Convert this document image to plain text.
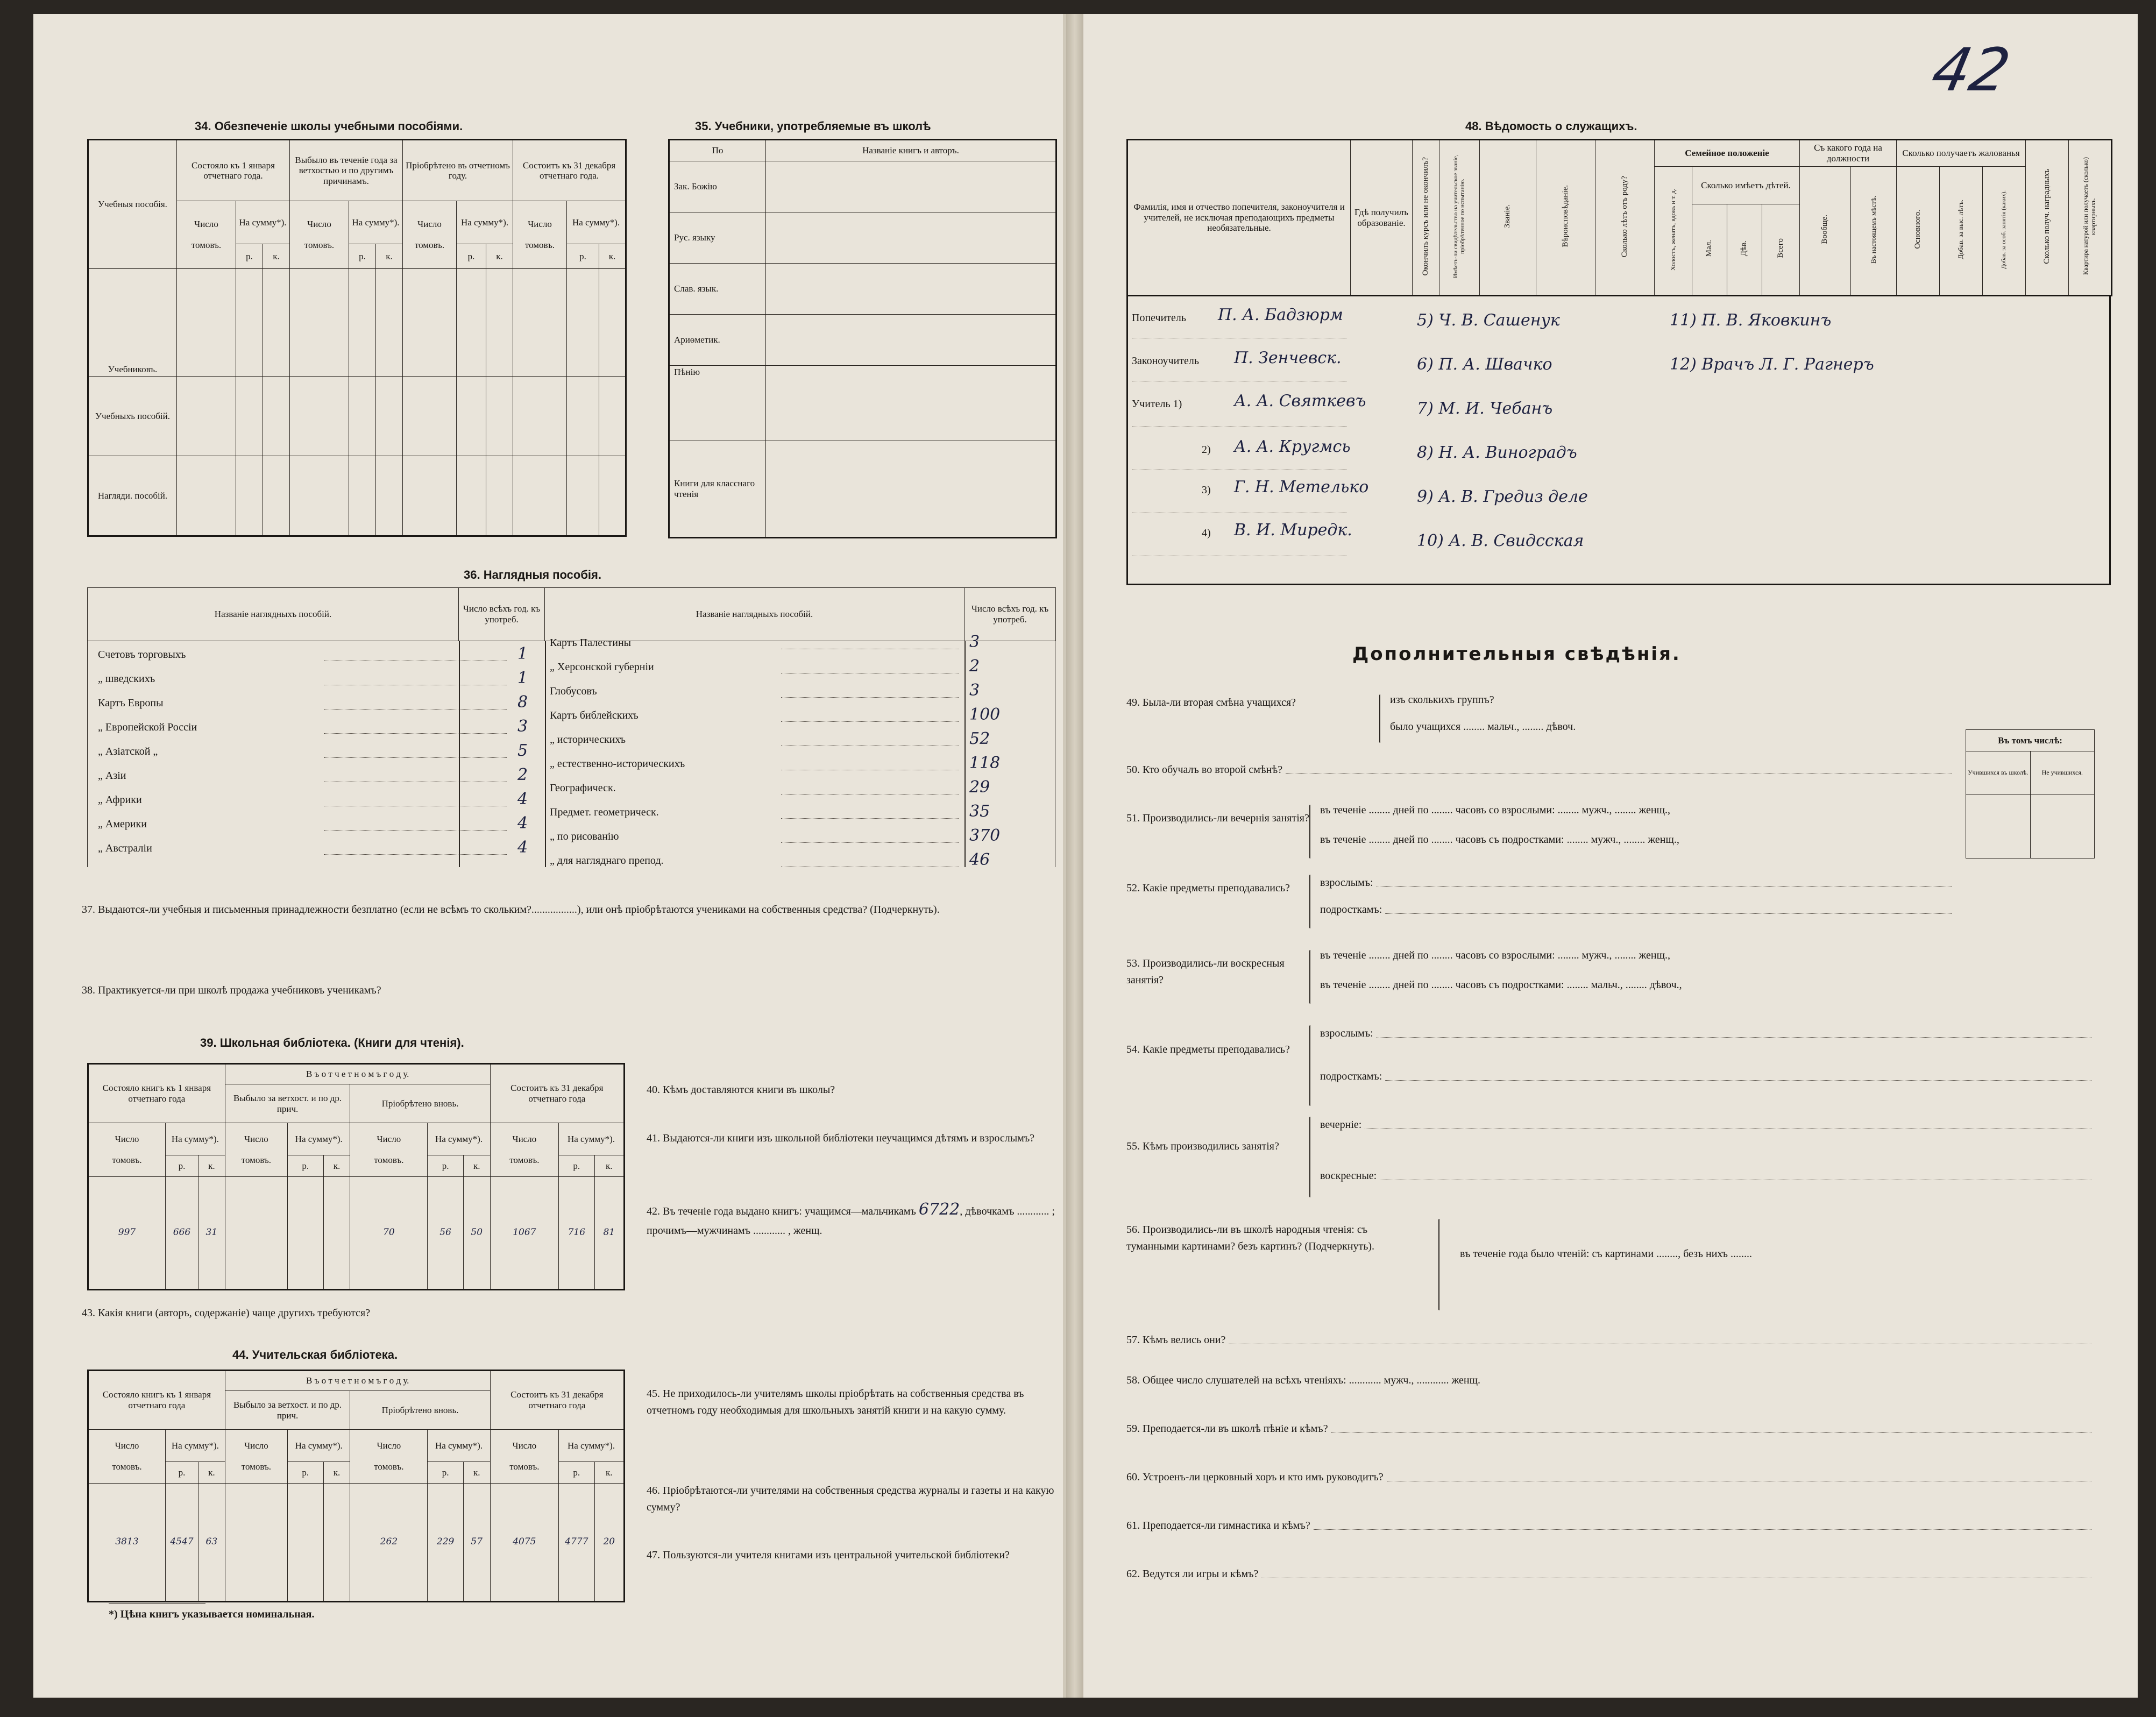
34. Обезпеченіе школы учебными пособіями.
Учебныя пособія.	Состояло къ 1 января отчетнаго года.			Выбыло въ теченіе года за ветхостью и по другимъ причинамъ.			Пріобрѣтено въ отчетномъ году.			Состоитъ къ 31 декабря отчетнаго года.		
	Число

томовъ.	На сумму*).		Число

томовъ.	На сумму*).		Число

томовъ.	На сумму*).		Число

томовъ.	На сумму*).	
		р.	к.		р.	к.		р.	к.		р.	к.
Учебниковъ.												
Учебныхъ пособій.												
Нагляди. пособій.												
35. Учебники, употребляемые въ школѣ
По	Названіе книгъ и авторъ.
Зак. Божію	
Рус. языку	
Слав. язык.	
Ариѳметик.	
Пѣнію	
Книги для класснаго чтенія	
36. Наглядныя пособія.
Названіе наглядныхъ пособій.	Число всѣхъ год. къ употреб.	Названіе наглядныхъ пособій.	Число всѣхъ год. къ употреб.
Счетовъ торговыхъ	1
„ шведскихъ	1
Картъ Европы	8
„ Европейской Россіи	3
„ Азіатской „	5
„ Азіи	2
„ Африки	4
„ Америки	4
„ Австраліи	4
Картъ Палестины	3
„ Херсонской губерніи	2
Глобусовъ	3
Картъ библейскихъ	100
„ историческихъ	52
„ естественно-историческихъ	118
Географическ.	29
Предмет. геометрическ.	35
„ по рисованію	370
„ для нагляднаго препод.	46
37. Выдаются-ли учебныя и письменныя принадлежности безплатно (если не всѣмъ то скольким?.................), или онѣ пріобрѣтаются учениками на собственныя средства? (Подчеркнуть).
38. Практикуется-ли при школѣ продажа учебниковъ ученикамъ?
39. Школьная библіотека. (Книги для чтенія).
Состояло книгъ къ 1 января отчетнаго года			В ъ о т ч е т н о м ъ г о д у.						Состоитъ къ 31 декабря отчетнаго года		
			Выбыло за ветхост. и по др. прич.			Пріобрѣтено вновь.					
Число

томовъ.	На сумму*).		Число

томовъ.	На сумму*).		Число

томовъ.	На сумму*).		Число

томовъ.	На сумму*).	
	р.	к.		р.	к.		р.	к.		р.	к.
997	666	31				70	56	50	1067	716	81
40. Кѣмъ доставляются книги въ школы?
41. Выдаются-ли книги изъ школьной библіотеки неучащимся дѣтямъ и взрослымъ?
42. Въ теченіе года выдано книгъ: учащимся—мальчикамъ 6722, дѣвочкамъ ............ ; прочимъ—мужчинамъ ............ , женщ.
43. Какія книги (авторъ, содержаніе) чаще другихъ требуются?
44. Учительская библіотека.
Состояло книгъ къ 1 января отчетнаго года			В ъ о т ч е т н о м ъ г о д у.						Состоитъ къ 31 декабря отчетнаго года		
			Выбыло за ветхост. и по др. прич.			Пріобрѣтено вновь.					
Число

томовъ.	На сумму*).		Число

томовъ.	На сумму*).		Число

томовъ.	На сумму*).		Число

томовъ.	На сумму*).	
	р.	к.		р.	к.		р.	к.		р.	к.
3813	4547	63				262	229	57	4075	4777	20
45. Не приходилось-ли учителямъ школы пріобрѣтать на собственныя средства въ отчетномъ году необходимыя для школьныхъ занятій книги и на какую сумму.
46. Пріобрѣтаются-ли учителями на собственныя средства журналы и газеты и на какую сумму?
47. Пользуются-ли учителя книгами изъ центральной учительской библіотеки?
*) Цѣна книгъ указывается номинальная.
42
48. Вѣдомость о служащихъ.
Фамилія, имя и отчество попечителя, законоучителя и учителей, не исключая преподающихъ предметы необязательные.	Гдѣ получилъ образованіе.	Окончилъ курсъ или не окончилъ?	Имѣетъ-ли свидѣтельство на учительское званіе, пріобрѣтенное по испытанію.	Званіе.	Вѣроисповѣданіе.	Сколько лѣтъ отъ роду?	Семейное положеніе				Съ какого года на должности		Сколько получаетъ жалованья			Сколько получ. наградныхъ	Квартира натурой или получаетъ (сколько) квартирныхъ.
							Холостъ, женатъ, вдовъ и т. д.	Сколько имѣетъ дѣтей.			Вообще.	Въ настоящемъ мѣстѣ.	Основного.	Добав. за выс. лѣтъ.	Добав. за особ. занятія (каких).		
								Мал.	Дѣв.	Всего							
Попечитель П. А. Бадзюрм
Законоучитель П. Зенчевск.
Учитель 1)	А. А. Святкевъ
2) А. А. Кругмсь
3) Г. Н. Метелько
4) В. И. Миредк.
5) Ч. В. Сашенук
6) П. А. Швачко
7) М. И. Чебанъ
8) Н. А. Виноградъ
9) А. В. Гредиз деле
10) А. В. Свидсская
11) П. В. Яковкинъ
12) Врачъ Л. Г. Рагнеръ
Дополнительныя свѣдѣнія.
49. Была-ли вторая смѣна учащихся?	изъ сколькихъ группъ?
было учащихся ........ мальч., ........ дѣвоч.
Въ томъ числѣ:	
Учившихся въ школѣ.	Не учившихся.

50. Кто обучалъ во второй смѣнѣ?
51. Производились-ли вечернія занятія?
въ теченіе ........ дней по ........ часовъ со взрослыми: ........ мужч., ........ женщ.,
въ теченіе ........ дней по ........ часовъ съ подростками: ........ мужч., ........ женщ.,
52. Какіе предметы преподавались?	взрослымъ:
подросткамъ:
53. Производились-ли воскресныя занятія?
въ теченіе ........ дней по ........ часовъ со взрослыми: ........ мужч., ........ женщ.,
въ теченіе ........ дней по ........ часовъ съ подростками: ........ мальч., ........ дѣвоч.,
54. Какіе предметы преподавались?
взрослымъ:
подросткамъ:
55. Кѣмъ производились занятія?
вечерніе:
воскресные:
56. Производились-ли въ школѣ народныя чтенія: съ туманными картинами? безъ картинъ? (Подчеркнуть).
въ теченіе года было чтеній: съ картинами ........, безъ нихъ ........
57. Кѣмъ велись они?
58. Общее число слушателей на всѣхъ чтеніяхъ: ............ мужч., ............ женщ.
59. Преподается-ли въ школѣ пѣніе и кѣмъ?
60. Устроенъ-ли церковный хоръ и кто имъ руководитъ?
61. Преподается-ли гимнастика и кѣмъ?
62. Ведутся ли игры и кѣмъ?
